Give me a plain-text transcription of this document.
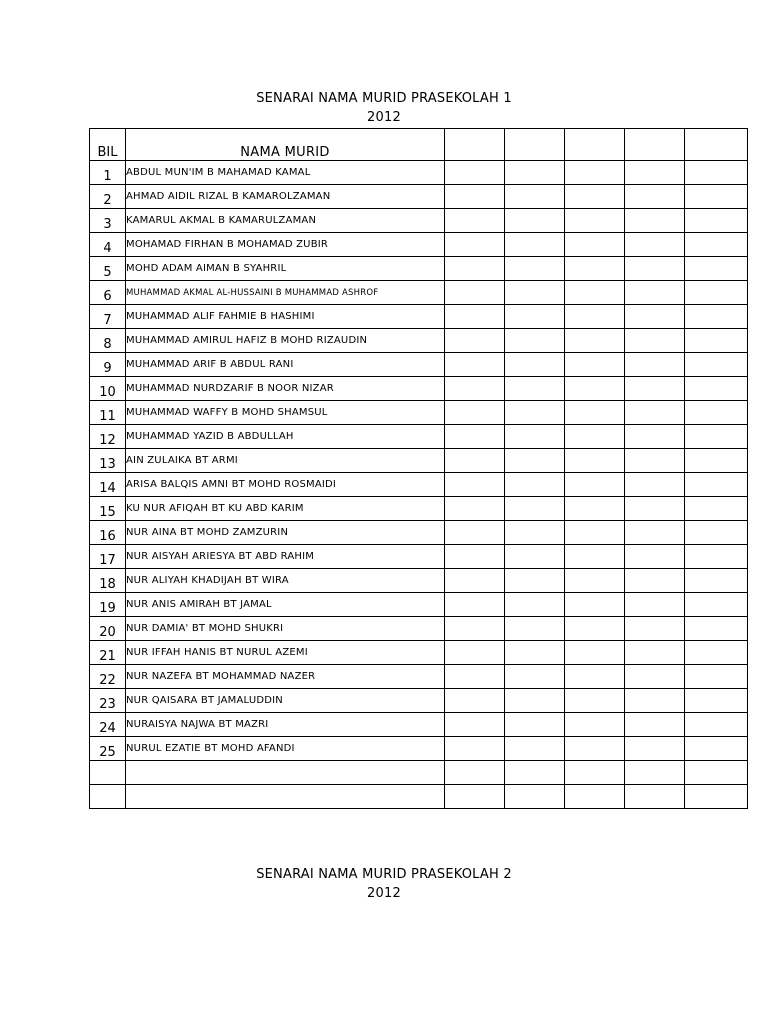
SENARAI NAMA MURID PRASEKOLAH 1
2012
BIL	NAMA MURID					
1	ABDUL MUN'IM B MAHAMAD KAMAL					
2	AHMAD AIDIL RIZAL B KAMAROLZAMAN					
3	KAMARUL AKMAL B KAMARULZAMAN					
4	MOHAMAD FIRHAN B MOHAMAD ZUBIR					
5	MOHD ADAM AIMAN B SYAHRIL					
6	MUHAMMAD AKMAL AL-HUSSAINI B MUHAMMAD ASHROF					
7	MUHAMMAD ALIF FAHMIE B HASHIMI					
8	MUHAMMAD AMIRUL HAFIZ B MOHD RIZAUDIN					
9	MUHAMMAD ARIF B ABDUL RANI					
10	MUHAMMAD NURDZARIF B NOOR NIZAR					
11	MUHAMMAD WAFFY B MOHD SHAMSUL					
12	MUHAMMAD YAZID B ABDULLAH					
13	AIN ZULAIKA BT ARMI					
14	ARISA BALQIS AMNI BT MOHD ROSMAIDI					
15	KU NUR AFIQAH BT KU ABD KARIM					
16	NUR AINA BT MOHD ZAMZURIN					
17	NUR AISYAH ARIESYA BT ABD RAHIM					
18	NUR ALIYAH KHADIJAH BT WIRA					
19	NUR ANIS AMIRAH BT JAMAL					
20	NUR DAMIA' BT MOHD SHUKRI					
21	NUR IFFAH HANIS BT NURUL AZEMI					
22	NUR NAZEFA BT MOHAMMAD NAZER					
23	NUR QAISARA BT JAMALUDDIN					
24	NURAISYA NAJWA BT MAZRI					
25	NURUL EZATIE BT MOHD AFANDI					

SENARAI NAMA MURID PRASEKOLAH 2
2012
